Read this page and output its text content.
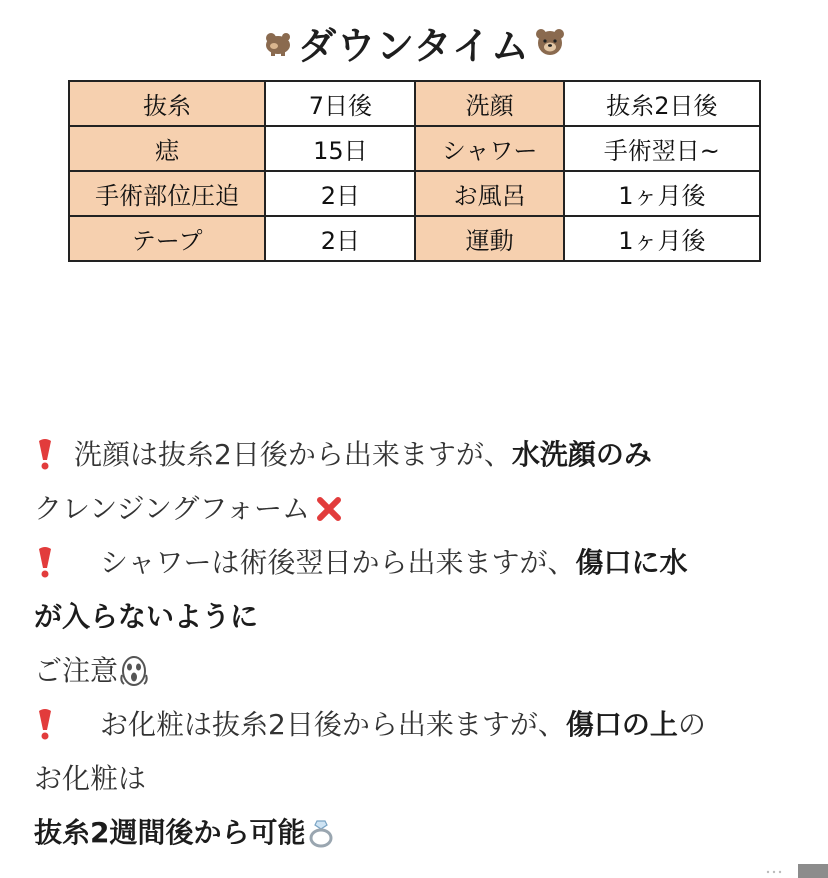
ダウンタイム
抜糸	7日後	洗顔	抜糸2日後
痣	15日	シャワー	手術翌日~
手術部位圧迫	2日	お風呂	1ヶ月後
テープ	2日	運動	1ヶ月後
洗顔は抜糸2日後から出来ますが、 水洗顔のみ
クレンジングフォーム
シャワーは術後翌日から出来ますが、 傷口に水
が入らないように
ご注意
お化粧は抜糸2日後から出来ますが、 傷口の上 の
お化粧は
抜糸2週間後から可能
